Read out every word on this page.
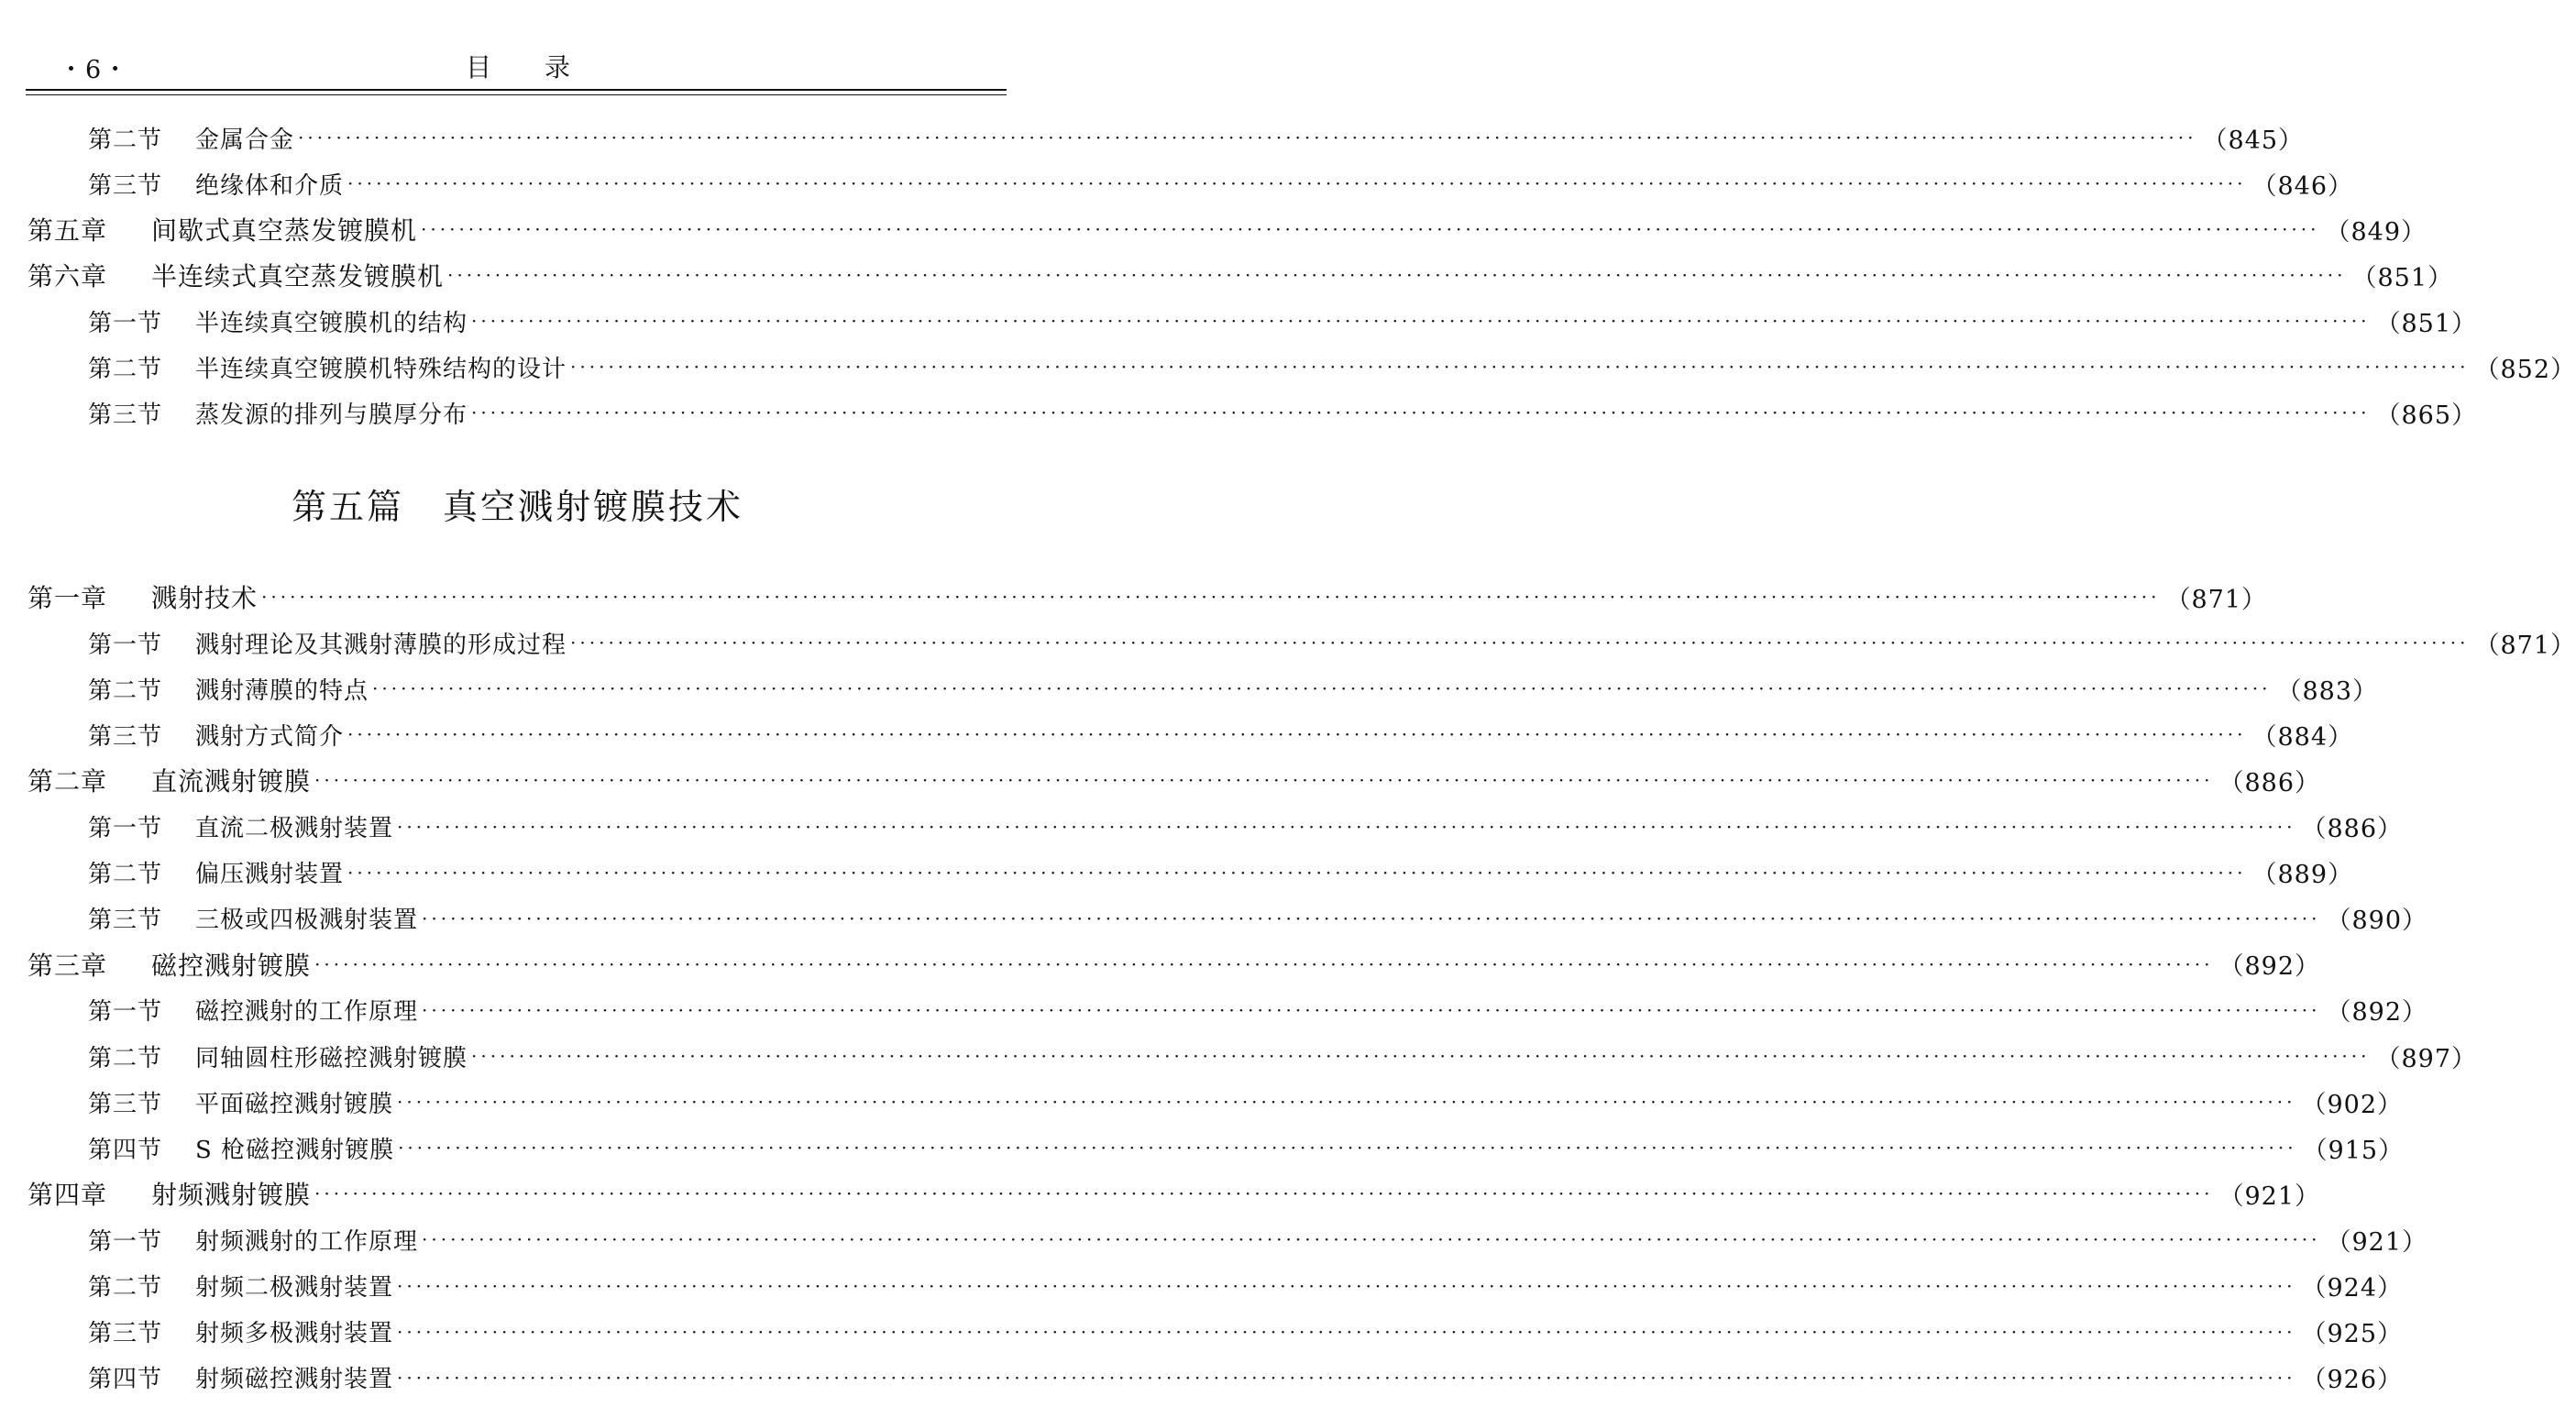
・6・	目录
第二节	金属合金 ········································································································································································································ （845）
第三节	绝缘体和介质 ········································································································································································································ （846）
第五章	间歇式真空蒸发镀膜机 ········································································································································································································ （849）
第六章	半连续式真空蒸发镀膜机 ········································································································································································································ （851）
第一节	半连续真空镀膜机的结构 ········································································································································································································ （851）
第二节	半连续真空镀膜机特殊结构的设计 ········································································································································································································ （852）
第三节	蒸发源的排列与膜厚分布 ········································································································································································································ （865）
第五篇 真空溅射镀膜技术
第一章	溅射技术 ········································································································································································································ （871）
第一节	溅射理论及其溅射薄膜的形成过程 ········································································································································································································ （871）
第二节	溅射薄膜的特点 ········································································································································································································ （883）
第三节	溅射方式简介 ········································································································································································································ （884）
第二章	直流溅射镀膜 ········································································································································································································ （886）
第一节	直流二极溅射装置 ········································································································································································································ （886）
第二节	偏压溅射装置 ········································································································································································································ （889）
第三节	三极或四极溅射装置 ········································································································································································································ （890）
第三章	磁控溅射镀膜 ········································································································································································································ （892）
第一节	磁控溅射的工作原理 ········································································································································································································ （892）
第二节	同轴圆柱形磁控溅射镀膜 ········································································································································································································ （897）
第三节	平面磁控溅射镀膜 ········································································································································································································ （902）
第四节	S 枪磁控溅射镀膜 ········································································································································································································ （915）
第四章	射频溅射镀膜 ········································································································································································································ （921）
第一节	射频溅射的工作原理 ········································································································································································································ （921）
第二节	射频二极溅射装置 ········································································································································································································ （924）
第三节	射频多极溅射装置 ········································································································································································································ （925）
第四节	射频磁控溅射装置 ········································································································································································································ （926）
